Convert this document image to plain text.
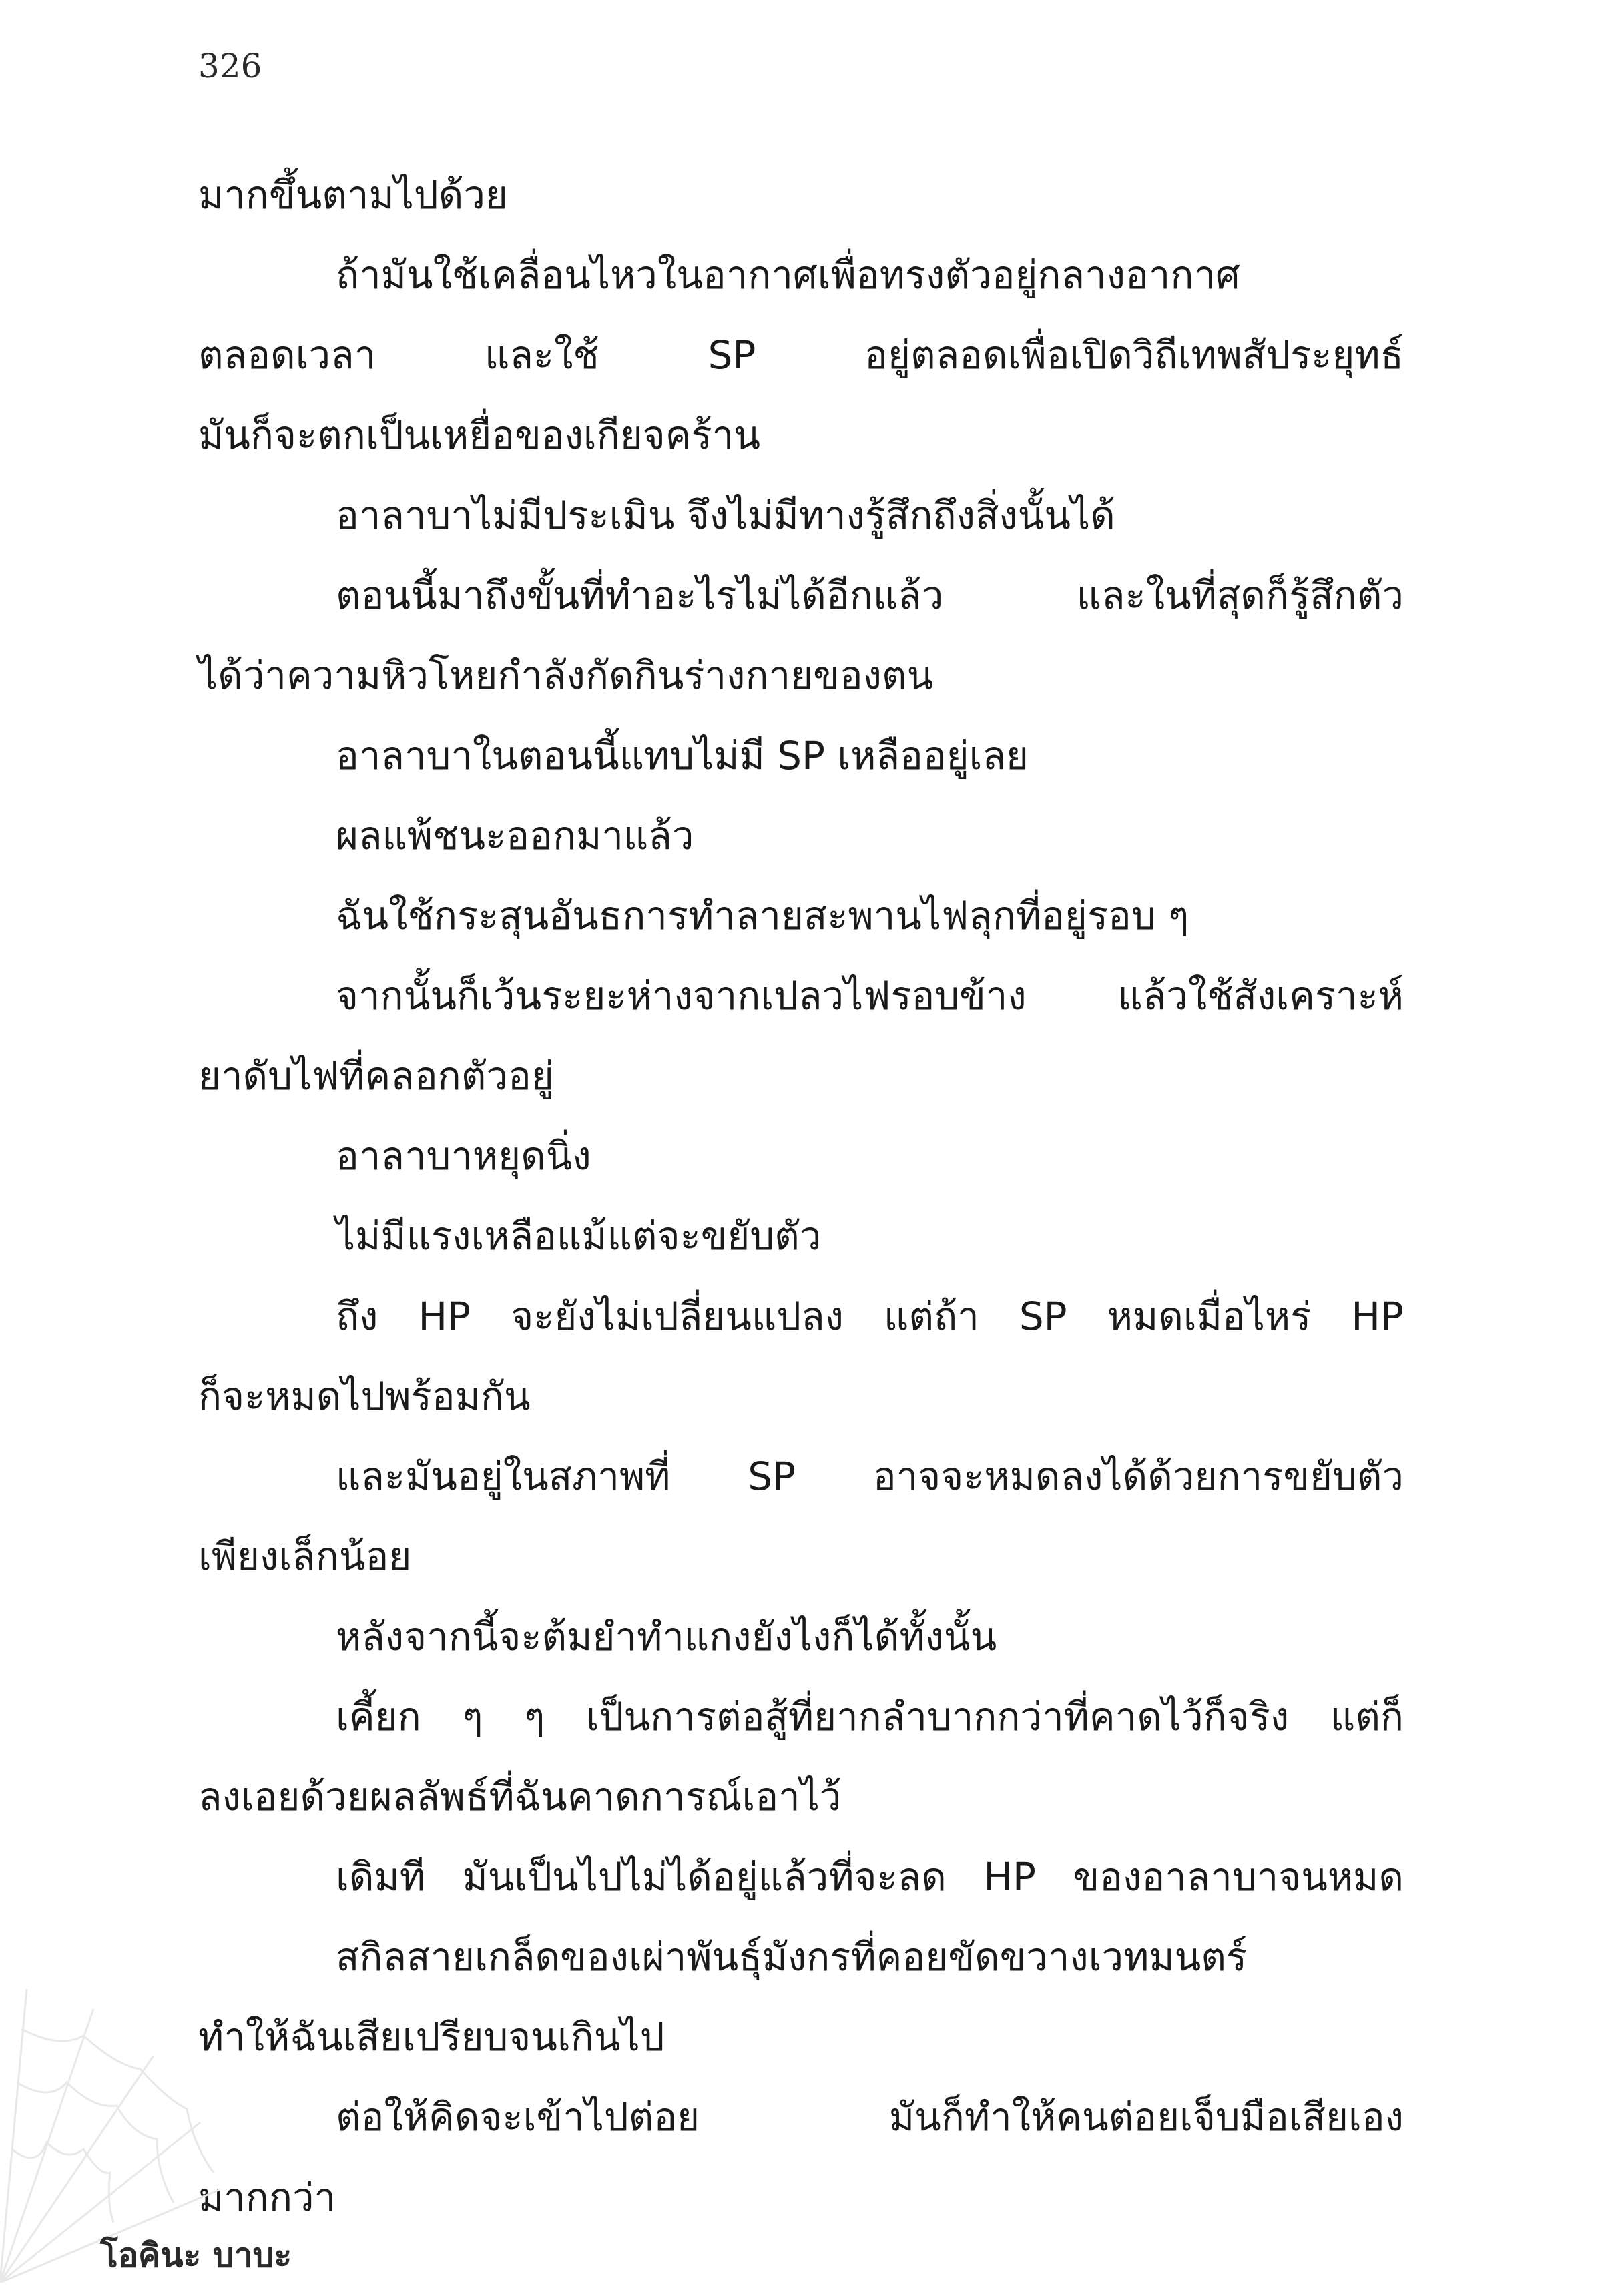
326
มากขึ้นตามไปด้วย
ถ้ามันใช้เคลื่อนไหวในอากาศเพื่อทรงตัวอยู่กลางอากาศ
ตลอดเวลา และใช้ SP อยู่ตลอดเพื่อเปิดวิถีเทพสัประยุทธ์
มันก็จะตกเป็นเหยื่อของเกียจคร้าน
อาลาบาไม่มีประเมิน จึงไม่มีทางรู้สึกถึงสิ่งนั้นได้
ตอนนี้มาถึงขั้นที่ทำอะไรไม่ได้อีกแล้ว และในที่สุดก็รู้สึกตัว
ได้ว่าความหิวโหยกำลังกัดกินร่างกายของตน
อาลาบาในตอนนี้แทบไม่มี SP เหลืออยู่เลย
ผลแพ้ชนะออกมาแล้ว
ฉันใช้กระสุนอันธการทำลายสะพานไฟลุกที่อยู่รอบ ๆ
จากนั้นก็เว้นระยะห่างจากเปลวไฟรอบข้าง แล้วใช้สังเคราะห์
ยาดับไฟที่คลอกตัวอยู่
อาลาบาหยุดนิ่ง
ไม่มีแรงเหลือแม้แต่จะขยับตัว
ถึง HP จะยังไม่เปลี่ยนแปลง แต่ถ้า SP หมดเมื่อไหร่ HP
ก็จะหมดไปพร้อมกัน
และมันอยู่ในสภาพที่ SP อาจจะหมดลงได้ด้วยการขยับตัว
เพียงเล็กน้อย
หลังจากนี้จะต้มยำทำแกงยังไงก็ได้ทั้งนั้น
เคี้ยก ๆ ๆ เป็นการต่อสู้ที่ยากลำบากกว่าที่คาดไว้ก็จริง แต่ก็
ลงเอยด้วยผลลัพธ์ที่ฉันคาดการณ์เอาไว้
เดิมที มันเป็นไปไม่ได้อยู่แล้วที่จะลด HP ของอาลาบาจนหมด
สกิลสายเกล็ดของเผ่าพันธุ์มังกรที่คอยขัดขวางเวทมนตร์
ทำให้ฉันเสียเปรียบจนเกินไป
ต่อให้คิดจะเข้าไปต่อย มันก็ทำให้คนต่อยเจ็บมือเสียเอง
มากกว่า
โอคินะ บาบะ
